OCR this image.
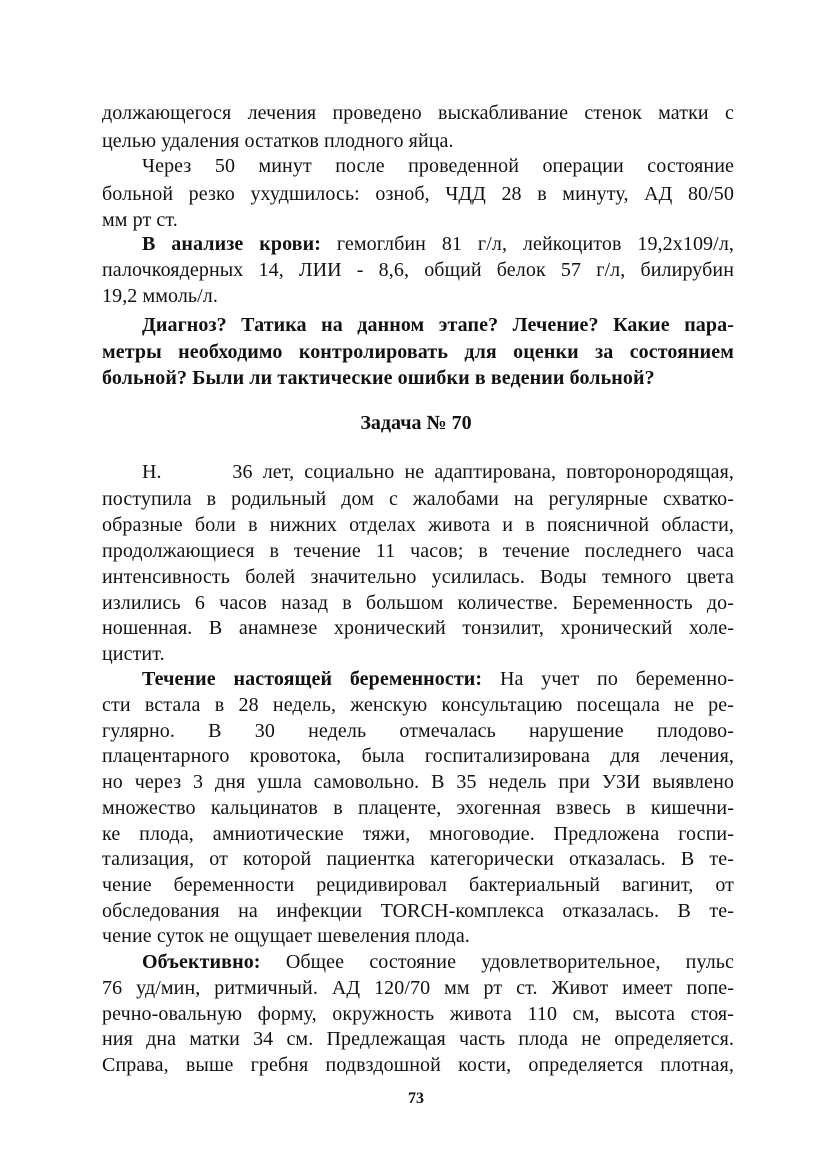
должающегося лечения проведено выскабливание стенок матки с
целью удаления остатков плодного яйца.
Через 50 минут после проведенной операции состояние
больной резко ухудшилось: озноб, ЧДД 28 в минуту, АД 80/50
мм рт ст.
В анализе крови: гемоглбин 81 г/л, лейкоцитов 19,2х109/л,
палочкоядерных 14, ЛИИ - 8,6, общий белок 57 г/л, билирубин
19,2 ммоль/л.
Диагноз? Татика на данном этапе? Лечение? Какие пара-
метры необходимо контролировать для оценки за состоянием
больной? Были ли тактические ошибки в ведении больной?
Задача № 70
Н.       36 лет, социально не адаптирована, повторонородящая,
поступила в родильный дом с жалобами на регулярные схватко-
образные боли в нижних отделах живота и в поясничной области,
продолжающиеся в течение 11 часов; в течение последнего часа
интенсивность болей значительно усилилась. Воды темного цвета
излились 6 часов назад в большом количестве. Беременность до-
ношенная. В анамнезе хронический тонзилит, хронический холе-
цистит.
Течение настоящей беременности: На учет по беременно-
сти встала в 28 недель, женскую консультацию посещала не ре-
гулярно. В 30 недель отмечалась нарушение плодово-
плацентарного кровотока, была госпитализирована для лечения,
но через 3 дня ушла самовольно. В 35 недель при УЗИ выявлено
множество кальцинатов в плаценте, эхогенная взвесь в кишечни-
ке плода, амниотические тяжи, многоводие. Предложена госпи-
тализация, от которой пациентка категорически отказалась. В те-
чение беременности рецидивировал бактериальный вагинит, от
обследования на инфекции TORCH-комплекса отказалась. В те-
чение суток не ощущает шевеления плода.
Объективно: Общее состояние удовлетворительное, пульс
76 уд/мин, ритмичный. АД 120/70 мм рт ст. Живот имеет попе-
речно-овальную форму, окружность живота 110 см, высота стоя-
ния дна матки 34 см. Предлежащая часть плода не определяется.
Справа, выше гребня подвздошной кости, определяется плотная,
73
